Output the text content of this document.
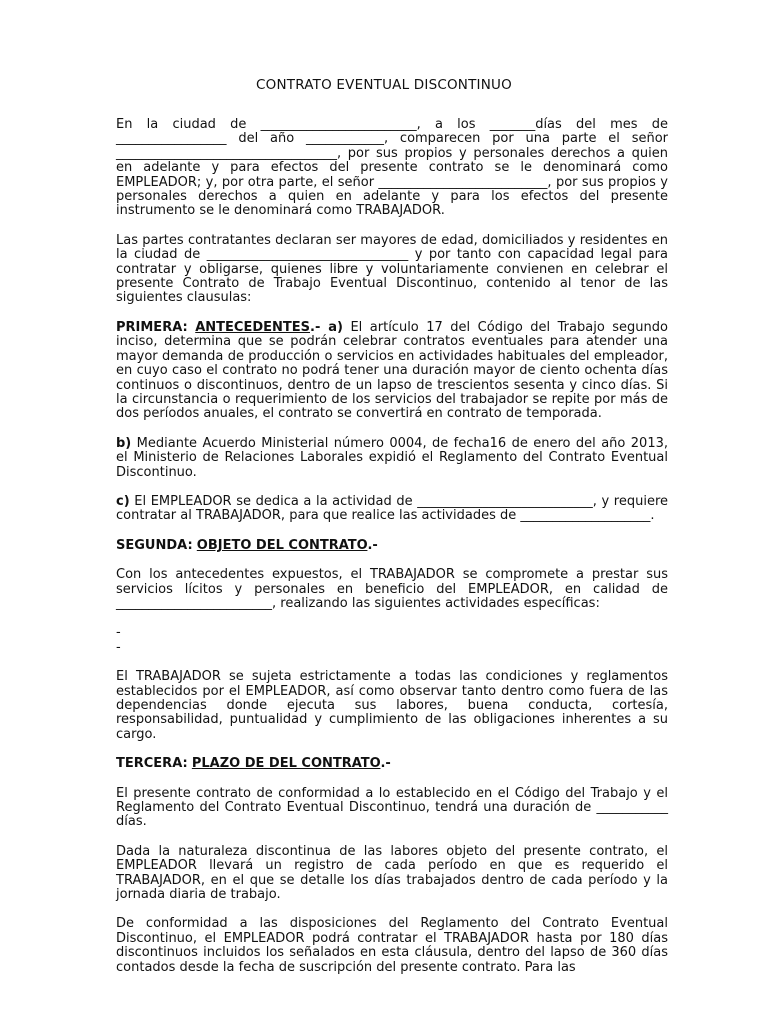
CONTRATO EVENTUAL DISCONTINUO

En la ciudad de ________________________, a los _______días del mes de _________________ del año ____________, comparecen por una parte el señor __________________________________, por sus propios y personales derechos a quien en adelante y para efectos del presente contrato se le denominará como EMPLEADOR; y, por otra parte, el señor __________________________, por sus propios y personales derechos a quien en adelante y para los efectos del presente instrumento se le denominará como TRABAJADOR.

Las partes contratantes declaran ser mayores de edad, domiciliados y residentes en la ciudad de _______________________________ y por tanto con capacidad legal para contratar y obligarse, quienes libre y voluntariamente convienen en celebrar el presente Contrato de Trabajo Eventual Discontinuo, contenido al tenor de las siguientes clausulas:

PRIMERA: ANTECEDENTES.- a) El artículo 17 del Código del Trabajo segundo inciso, determina que se podrán celebrar contratos eventuales para atender una mayor demanda de producción o servicios en actividades habituales del empleador, en cuyo caso el contrato no podrá tener una duración mayor de ciento ochenta días continuos o discontinuos, dentro de un lapso de trescientos sesenta y cinco días. Si la circunstancia o requerimiento de los servicios del trabajador se repite por más de dos períodos anuales, el contrato se convertirá en contrato de temporada.

b) Mediante Acuerdo Ministerial número 0004, de fecha16 de enero del año 2013, el Ministerio de Relaciones Laborales expidió el Reglamento del Contrato Eventual Discontinuo.

c) El EMPLEADOR se dedica a la actividad de ___________________________, y requiere contratar al TRABAJADOR, para que realice las actividades de ____________________.

SEGUNDA: OBJETO DEL CONTRATO.-

Con los antecedentes expuestos, el TRABAJADOR se compromete a prestar sus servicios lícitos y personales en beneficio del EMPLEADOR, en calidad de ________________________, realizando las siguientes actividades específicas:

-
-

El TRABAJADOR se sujeta estrictamente a todas las condiciones y reglamentos establecidos por el EMPLEADOR, así como observar tanto dentro como fuera de las dependencias donde ejecuta sus labores, buena conducta, cortesía, responsabilidad, puntualidad y cumplimiento de las obligaciones inherentes a su cargo.

TERCERA: PLAZO DE DEL CONTRATO.-

El presente contrato de conformidad a lo establecido en el Código del Trabajo y el Reglamento del Contrato Eventual Discontinuo, tendrá una duración de ___________ días.

Dada la naturaleza discontinua de las labores objeto del presente contrato, el EMPLEADOR llevará un registro de cada período en que es requerido el TRABAJADOR, en el que se detalle los días trabajados dentro de cada período y la jornada diaria de trabajo.

De conformidad a las disposiciones del Reglamento del Contrato Eventual Discontinuo, el EMPLEADOR podrá contratar el TRABAJADOR hasta por 180 días discontinuos incluidos los señalados en esta cláusula, dentro del lapso de 360 días contados desde la fecha de suscripción del presente contrato. Para las
